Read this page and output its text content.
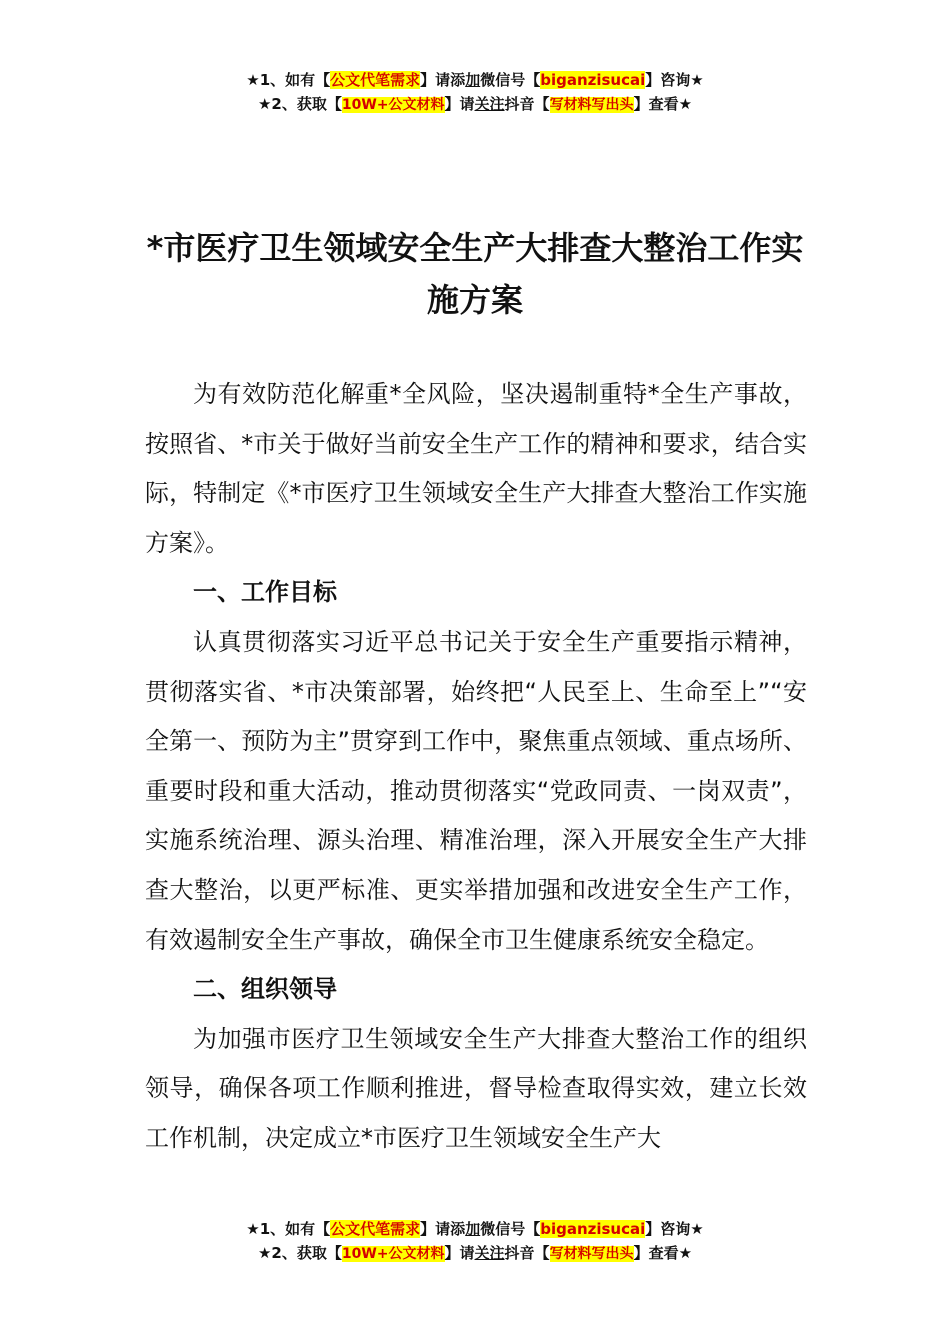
★1、如有【公文代笔需求】请添加微信号【biganzisucai】咨询★
★2、获取【10W+公文材料】请关注抖音【写材料写出头】查看★
*市医疗卫生领域安全生产大排查大整治工作实施方案

为有效防范化解重*全风险，坚决遏制重特*全生产事故，按照省、*市关于做好当前安全生产工作的精神和要求，结合实际，特制定《*市医疗卫生领域安全生产大排查大整治工作实施方案》。

一、工作目标

认真贯彻落实习近平总书记关于安全生产重要指示精神，贯彻落实省、*市决策部署，始终把“人民至上、生命至上”“安全第一、预防为主”贯穿到工作中，聚焦重点领域、重点场所、重要时段和重大活动，推动贯彻落实“党政同责、一岗双责”，实施系统治理、源头治理、精准治理，深入开展安全生产大排查大整治，以更严标准、更实举措加强和改进安全生产工作，有效遏制安全生产事故，确保全市卫生健康系统安全稳定。

二、组织领导

为加强市医疗卫生领域安全生产大排查大整治工作的组织领导，确保各项工作顺利推进，督导检查取得实效，建立长效工作机制，决定成立*市医疗卫生领域安全生产大

★1、如有【公文代笔需求】请添加微信号【biganzisucai】咨询★
★2、获取【10W+公文材料】请关注抖音【写材料写出头】查看★
